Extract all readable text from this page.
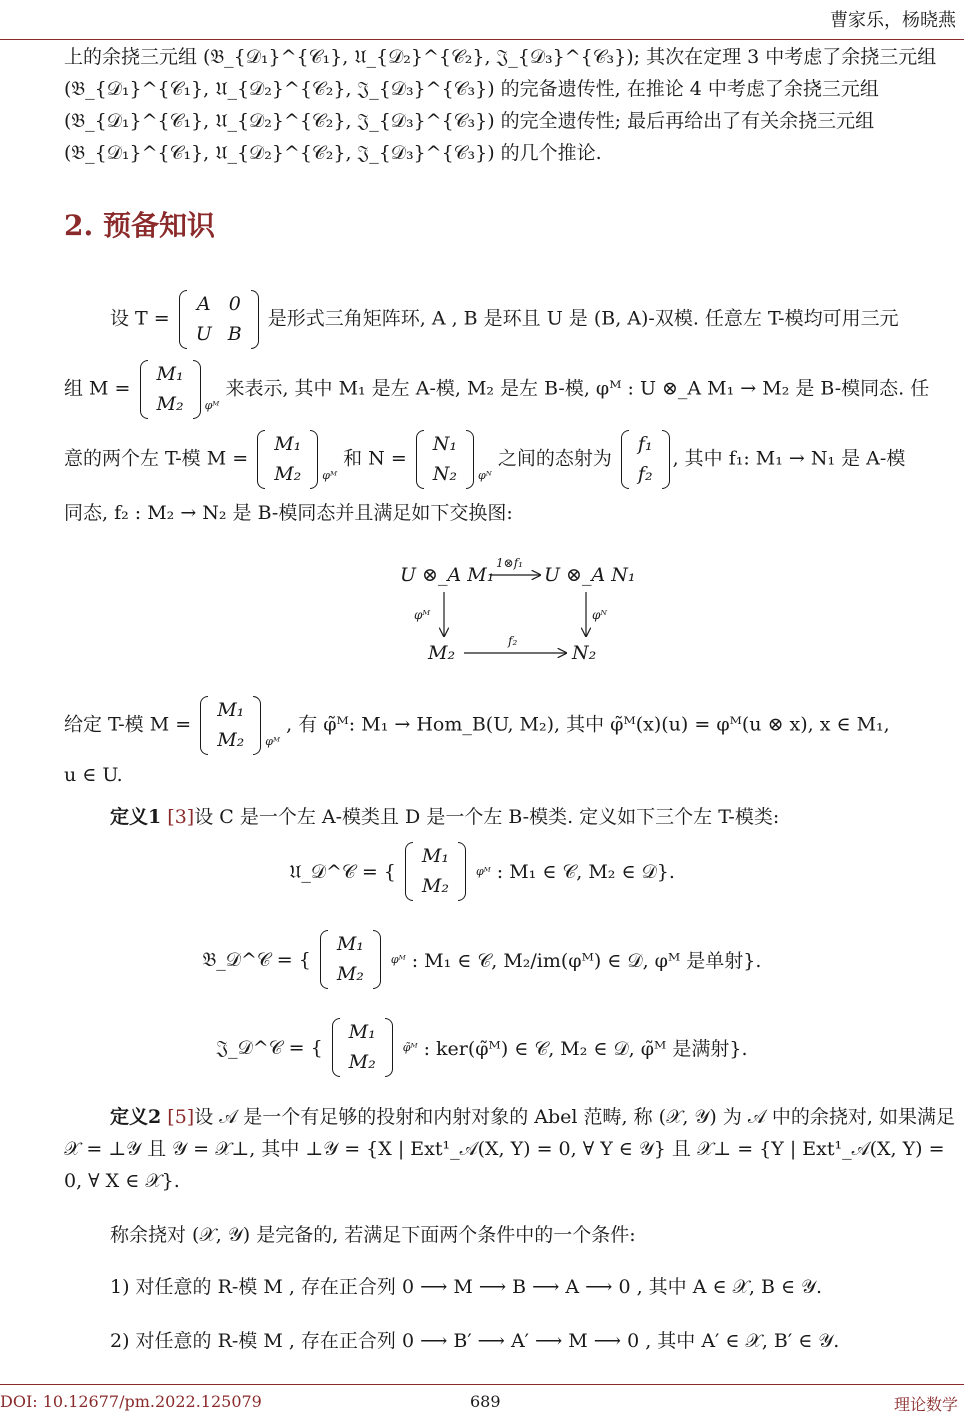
曹家乐，杨晓燕
上的余挠三元组 (𝔅_{𝒟₁}^{𝒞₁}, 𝔘_{𝒟₂}^{𝒞₂}, 𝔍_{𝒟₃}^{𝒞₃}); 其次在定理 3 中考虑了余挠三元组 (𝔅_{𝒟₁}^{𝒞₁}, 𝔘_{𝒟₂}^{𝒞₂}, 𝔍_{𝒟₃}^{𝒞₃}) 的完备遗传性, 在推论 4 中考虑了余挠三元组 (𝔅_{𝒟₁}^{𝒞₁}, 𝔘_{𝒟₂}^{𝒞₂}, 𝔍_{𝒟₃}^{𝒞₃}) 的完全遗传性; 最后再给出了有关余挠三元组 (𝔅_{𝒟₁}^{𝒞₁}, 𝔘_{𝒟₂}^{𝒞₂}, 𝔍_{𝒟₃}^{𝒞₃}) 的几个推论.
2. 预备知识
设 T =
A	0
U	B
是形式三角矩阵环, A , B 是环且 U 是 (B, A)-双模. 任意左 T-模均可用三元
组 M =
M₁
M₂ $_{\varphi ᴹ}$ 来表示, 其中 M₁ 是左 A-模, M₂ 是左 B-模, φᴹ : U ⊗_A M₁ → M₂ 是 B-模同态. 任
意的两个左 T-模 M =
M₁
M₂ $_{\varphi ᴹ}$ 和 N =
N₁
N₂ $_{\varphi ᴺ}$ 之间的态射为
f₁
f₂
, 其中 f₁: M₁ → N₁ 是 A-模
同态, f₂ : M₂ → N₂ 是 B-模同态并且满足如下交换图:
U ⊗_A M₁	U ⊗_A N₁
M₂	N₂
1⊗f₁
f₂
φᴹ	φᴺ
给定 T-模 M =
M₁
M₂ $_{\varphi ᴹ}$ , 有 φ̃ᴹ: M₁ → Hom_B(U, M₂), 其中 φ̃ᴹ(x)(u) = φᴹ(u ⊗ x), x ∈ M₁,
u ∈ U.
定义1 [3]设 C 是一个左 A-模类且 D 是一个左 B-模类. 定义如下三个左 T-模类:
𝔘_𝒟^𝒞 = {
M₁
M₂
φᴹ : M₁ ∈ 𝒞, M₂ ∈ 𝒟}.
𝔅_𝒟^𝒞 = {
M₁
M₂
φᴹ : M₁ ∈ 𝒞, M₂/im(φᴹ) ∈ 𝒟, φᴹ 是单射}.
𝔍_𝒟^𝒞 = {
M₁
M₂
φ̃ᴹ : ker(φ̃ᴹ) ∈ 𝒞, M₂ ∈ 𝒟, φ̃ᴹ 是满射}.
定义2 [5]设 𝒜 是一个有足够的投射和内射对象的 Abel 范畴, 称 (𝒳, 𝒴) 为 𝒜 中的余挠对, 如果满足 𝒳 = ⊥𝒴 且 𝒴 = 𝒳⊥, 其中 ⊥𝒴 = {X | Ext¹_𝒜(X, Y) = 0, ∀ Y ∈ 𝒴} 且 𝒳⊥ = {Y | Ext¹_𝒜(X, Y) = 0, ∀ X ∈ 𝒳}.
称余挠对 (𝒳, 𝒴) 是完备的, 若满足下面两个条件中的一个条件:
1) 对任意的 R-模 M , 存在正合列 0 ⟶ M ⟶ B ⟶ A ⟶ 0 , 其中 A ∈ 𝒳, B ∈ 𝒴.
2) 对任意的 R-模 M , 存在正合列 0 ⟶ B′ ⟶ A′ ⟶ M ⟶ 0 , 其中 A′ ∈ 𝒳, B′ ∈ 𝒴.
DOI: 10.12677/pm.2022.125079	689	理论数学
